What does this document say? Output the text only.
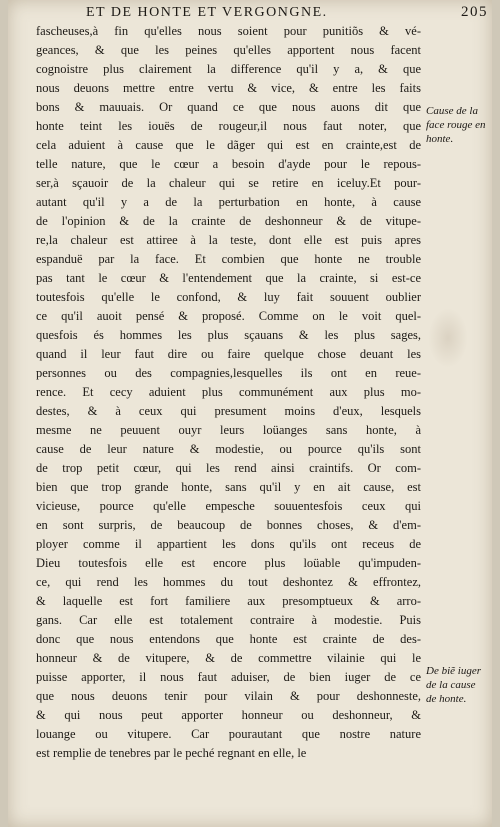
ET DE HONTE ET VERGONGNE.	205
fascheuses,à fin qu'elles nous soient pour punitiõs & vé-
geances, & que les peines qu'elles apportent nous facent
cognoistre plus clairement la difference qu'il y a, & que
nous deuons mettre entre vertu & vice, & entre les faits
bons & mauuais. Or quand ce que nous auons dit que
honte teint les iouës de rougeur,il nous faut noter, que
cela aduient à cause que le dãger qui est en crainte,est de
telle nature, que le cœur a besoin d'ayde pour le repous-
ser,à sçauoir de la chaleur qui se retire en iceluy.Et pour-
autant qu'il y a de la perturbation en honte, à cause
de l'opinion & de la crainte de deshonneur & de vitupe-
re,la chaleur est attiree à la teste, dont elle est puis apres
espanduë par la face. Et combien que honte ne trouble
pas tant le cœur & l'entendement que la crainte, si est-ce
toutesfois qu'elle le confond, & luy fait souuent oublier
ce qu'il auoit pensé & proposé. Comme on le voit quel-
quesfois és hommes les plus sçauans & les plus sages,
quand il leur faut dire ou faire quelque chose deuant les
personnes ou des compagnies,lesquelles ils ont en reue-
rence. Et cecy aduient plus communément aux plus mo-
destes, & à ceux qui presument moins d'eux, lesquels
mesme ne peuuent ouyr leurs loüanges sans honte, à
cause de leur nature & modestie, ou pource qu'ils sont
de trop petit cœur, qui les rend ainsi craintifs. Or com-
bien que trop grande honte, sans qu'il y en ait cause, est
vicieuse, pource qu'elle empesche souuentesfois ceux qui
en sont surpris, de beaucoup de bonnes choses, & d'em-
ployer comme il appartient les dons qu'ils ont receus de
Dieu toutesfois elle est encore plus loüable qu'impuden-
ce, qui rend les hommes du tout deshontez & effrontez,
& laquelle est fort familiere aux presomptueux & arro-
gans. Car elle est totalement contraire à modestie. Puis
donc que nous entendons que honte est crainte de des-
honneur & de vitupere, & de commettre vilainie qui le
puisse apporter, il nous faut aduiser, de bien iuger de ce
que nous deuons tenir pour vilain & pour deshonneste,
& qui nous peut apporter honneur ou deshonneur, &
louange ou vitupere. Car pourautant que nostre nature
est remplie de tenebres par le peché regnant en elle, le
Cause de la
face rouge en
honte.
De biẽ iuger
de la cause
de honte.
